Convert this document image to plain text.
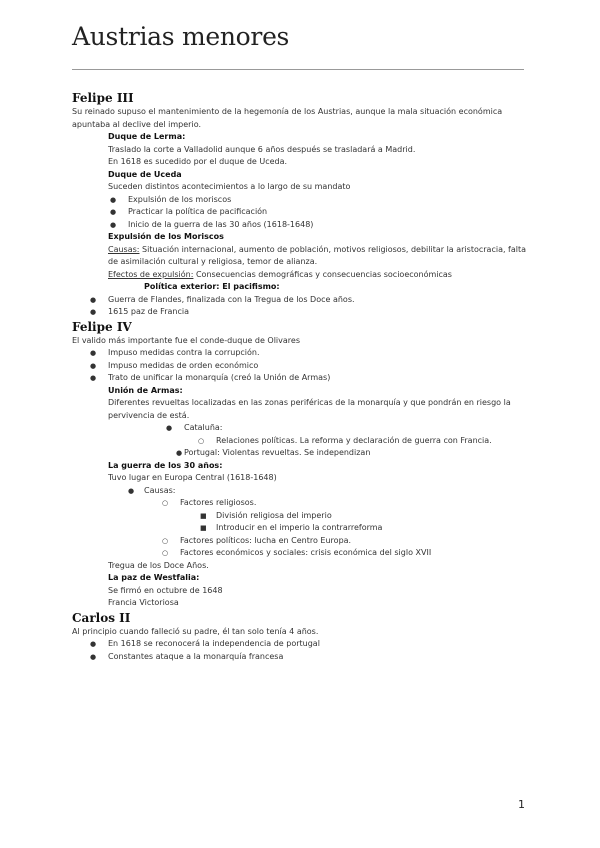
Austrias menores
Felipe III

Su reinado supuso el mantenimiento de la hegemonía de los Austrias, aunque la mala situación económica apuntaba al declive del imperio.

Duque de Lerma:

Traslado la corte a Valladolid aunque 6 años después se trasladará a Madrid.

En 1618 es sucedido por el duque de Uceda.

Duque de Uceda

Suceden distintos acontecimientos a lo largo de su mandato

● Expulsión de los moriscos
● Practicar la política de pacificación
● Inicio de la guerra de las 30 años (1618-1648)

Expulsión de los Moriscos

Causas: Situación internacional, aumento de población, motivos religiosos, debilitar la aristocracia, falta de asimilación cultural y religiosa, temor de alianza.

Efectos de expulsión: Consecuencias demográficas y consecuencias socioeconómicas

Política exterior: El pacifismo:

● Guerra de Flandes, finalizada con la Tregua de los Doce años.
● 1615 paz de Francia
Felipe IV

El valido más importante fue el conde-duque de Olivares

● Impuso medidas contra la corrupción.
● Impuso medidas de orden económico
● Trato de unificar la monarquía (creó la Unión de Armas)

Unión de Armas:

Diferentes revueltas localizadas en las zonas periféricas de la monarquía y que pondrán en riesgo la pervivencia de está.

● Cataluña:
○ Relaciones políticas. La reforma y declaración de guerra con Francia.
● Portugal: Violentas revueltas. Se independizan

La guerra de los 30 años:

Tuvo lugar en Europa Central (1618-1648)

● Causas:
○ Factores religiosos.
■ División religiosa del imperio
■ Introducir en el imperio la contrarreforma
○ Factores políticos: lucha en Centro Europa.
○ Factores económicos y sociales: crisis económica del siglo XVII

Tregua de los Doce Años.

La paz de Westfalia:

Se firmó en octubre de 1648

Francia Victoriosa

Carlos II

Al principio cuando falleció su padre, él tan solo tenía 4 años.

● En 1618 se reconocerá la independencia de portugal
● Constantes ataque a la monarquía francesa
1
